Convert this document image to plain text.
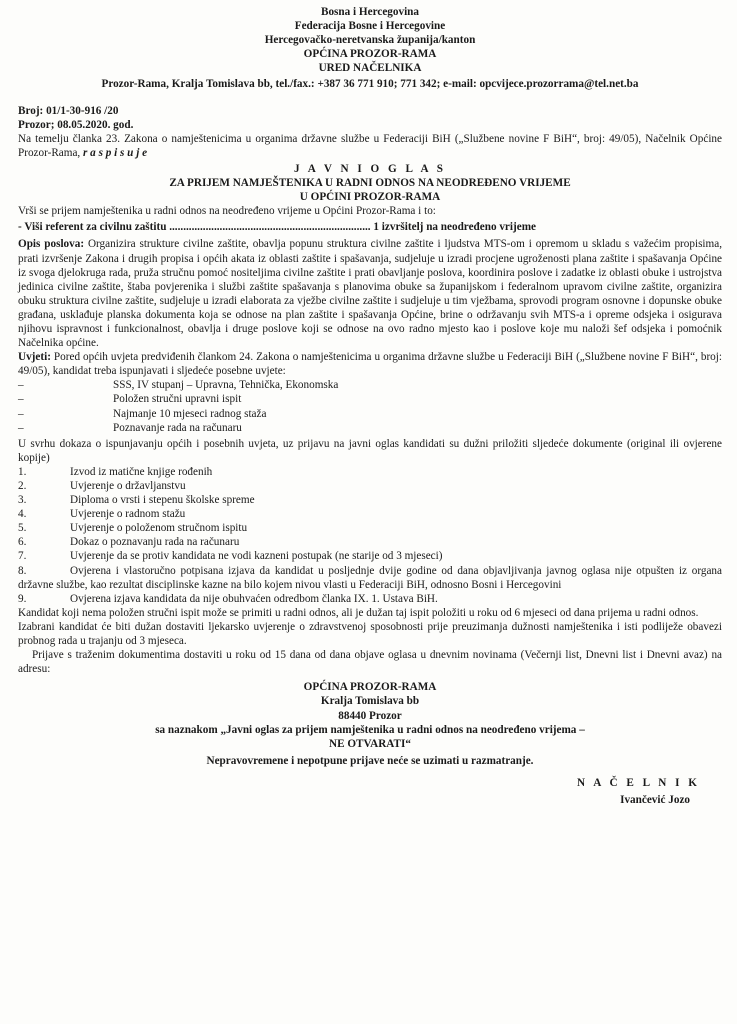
Bosna i Hercegovina
Federacija Bosne i Hercegovine
Hercegovačko-neretvanska županija/kanton
OPĆINA PROZOR-RAMA
URED NAČELNIKA
Prozor-Rama, Kralja Tomislava bb, tel./fax.: +387 36 771 910; 771 342; e-mail: opcvijece.prozorrama@tel.net.ba
Broj: 01/1-30-916 /20
Prozor; 08.05.2020. god.

Na temelju članka 23. Zakona o namještenicima u organima državne službe u Federaciji BiH („Službene novine F BiH“, broj: 49/05), Načelnik Općine Prozor-Rama, r a s p i s u j e

J A V N I O G L A S
ZA PRIJEM NAMJEŠTENIKA U RADNI ODNOS NA NEODREĐENO VRIJEME
U OPĆINI PROZOR-RAMA

Vrši se prijem namještenika u radni odnos na neodređeno vrijeme u Općini Prozor-Rama i to:

- Viši referent za civilnu zaštitu ........................................................................ 1 izvršitelj na neodređeno vrijeme

Opis poslova: Organizira strukture civilne zaštite, obavlja popunu struktura civilne zaštite i ljudstva MTS-om i opremom u skladu s važećim propisima, prati izvršenje Zakona i drugih propisa i općih akata iz oblasti zaštite i spašavanja, sudjeluje u izradi procjene ugroženosti plana zaštite i spašavanja Općine iz svoga djelokruga rada, pruža stručnu pomoć nositeljima civilne zaštite i prati obavljanje poslova, koordinira poslove i zadatke iz oblasti obuke i ustrojstva jedinica civilne zaštite, štaba povjerenika i službi zaštite spašavanja s planovima obuke sa županijskom i federalnom upravom civilne zaštite, organizira obuku struktura civilne zaštite, sudjeluje u izradi elaborata za vježbe civilne zaštite i sudjeluje u tim vježbama, sprovodi program osnovne i dopunske obuke građana, usklađuje planska dokumenta koja se odnose na plan zaštite i spašavanja Općine, brine o održavanju svih MTS-a i opreme odsjeka i osigurava njihovu ispravnost i funkcionalnost, obavlja i druge poslove koji se odnose na ovo radno mjesto kao i poslove koje mu naloži šef odsjeka i pomoćnik Načelnika općine.

Uvjeti: Pored općih uvjeta predviđenih člankom 24. Zakona o namještenicima u organima državne službe u Federaciji BiH („Službene novine F BiH“, broj: 49/05), kandidat treba ispunjavati i sljedeće posebne uvjete:

–	SSS, IV stupanj – Upravna, Tehnička, Ekonomska
–	Položen stručni upravni ispit
–	Najmanje 10 mjeseci radnog staža
–	Poznavanje rada na računaru

U svrhu dokaza o ispunjavanju općih i posebnih uvjeta, uz prijavu na javni oglas kandidati su dužni priložiti sljedeće dokumente (original ili ovjerene kopije)

1.	Izvod iz matične knjige rođenih
2.	Uvjerenje o državljanstvu
3.	Diploma o vrsti i stepenu školske spreme
4.	Uvjerenje o radnom stažu
5.	Uvjerenje o položenom stručnom ispitu
6.	Dokaz o poznavanju rada na računaru
7.	Uvjerenje da se protiv kandidata ne vodi kazneni postupak (ne starije od 3 mjeseci)

8.	Ovjerena i vlastoručno potpisana izjava da kandidat u posljednje dvije godine od dana objavljivanja javnog oglasa nije otpušten iz organa državne službe, kao rezultat disciplinske kazne na bilo kojem nivou vlasti u Federaciji BiH, odnosno Bosni i Hercegovini

9.	Ovjerena izjava kandidata da nije obuhvaćen odredbom članka IX. 1. Ustava BiH.

Kandidat koji nema položen stručni ispit može se primiti u radni odnos, ali je dužan taj ispit položiti u roku od 6 mjeseci od dana prijema u radni odnos.

Izabrani kandidat će biti dužan dostaviti ljekarsko uvjerenje o zdravstvenoj sposobnosti prije preuzimanja dužnosti namještenika i isti podliježe obavezi probnog rada u trajanju od 3 mjeseca.

Prijave s traženim dokumentima dostaviti u roku od 15 dana od dana objave oglasa u dnevnim novinama (Večernji list, Dnevni list i Dnevni avaz) na adresu:

OPĆINA PROZOR-RAMA
Kralja Tomislava bb
88440 Prozor
sa naznakom „Javni oglas za prijem namještenika u radni odnos na neodređeno vrijema –
NE OTVARATI“
Nepravovremene i nepotpune prijave neće se uzimati u razmatranje.
N A Č E L N I K
Ivančević Jozo
